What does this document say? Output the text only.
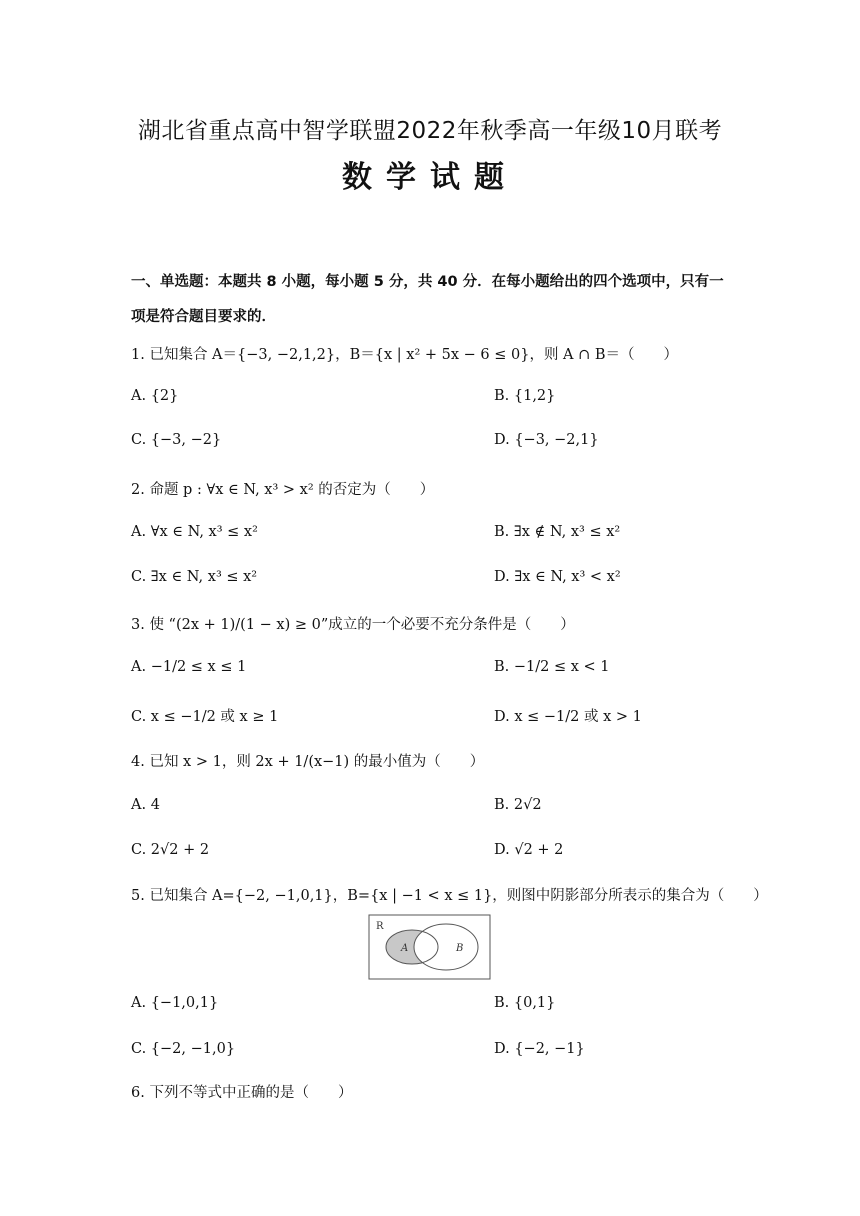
湖北省重点高中智学联盟2022年秋季高一年级10月联考
数学试题
一、单选题：本题共 8 小题，每小题 5 分，共 40 分．在每小题给出的四个选项中，只有一
项是符合题目要求的．
1. 已知集合 A＝{−3, −2,1,2}，B＝{x | x² + 5x − 6 ≤ 0}，则 A ∩ B＝（　　）
A. {2}	B. {1,2}
C. {−3, −2}	D. {−3, −2,1}
2. 命题 p : ∀x ∈ N, x³ > x² 的否定为（　　）
A. ∀x ∈ N, x³ ≤ x²	B. ∃x ∉ N, x³ ≤ x²
C. ∃x ∈ N, x³ ≤ x²	D. ∃x ∈ N, x³ < x²
3. 使 “(2x + 1)/(1 − x) ≥ 0”成立的一个必要不充分条件是（　　）
A. −1/2 ≤ x ≤ 1	B. −1/2 ≤ x < 1
C. x ≤ −1/2 或 x ≥ 1	D. x ≤ −1/2 或 x > 1
4. 已知 x > 1，则 2x + 1/(x−1) 的最小值为（　　）
A. 4	B. 2√2
C. 2√2 + 2	D. √2 + 2
5. 已知集合 A={−2, −1,0,1}，B={x | −1 < x ≤ 1}，则图中阴影部分所表示的集合为（　　）
R
A	B
A. {−1,0,1}	B. {0,1}
C. {−2, −1,0}	D. {−2, −1}
6. 下列不等式中正确的是（　　）
